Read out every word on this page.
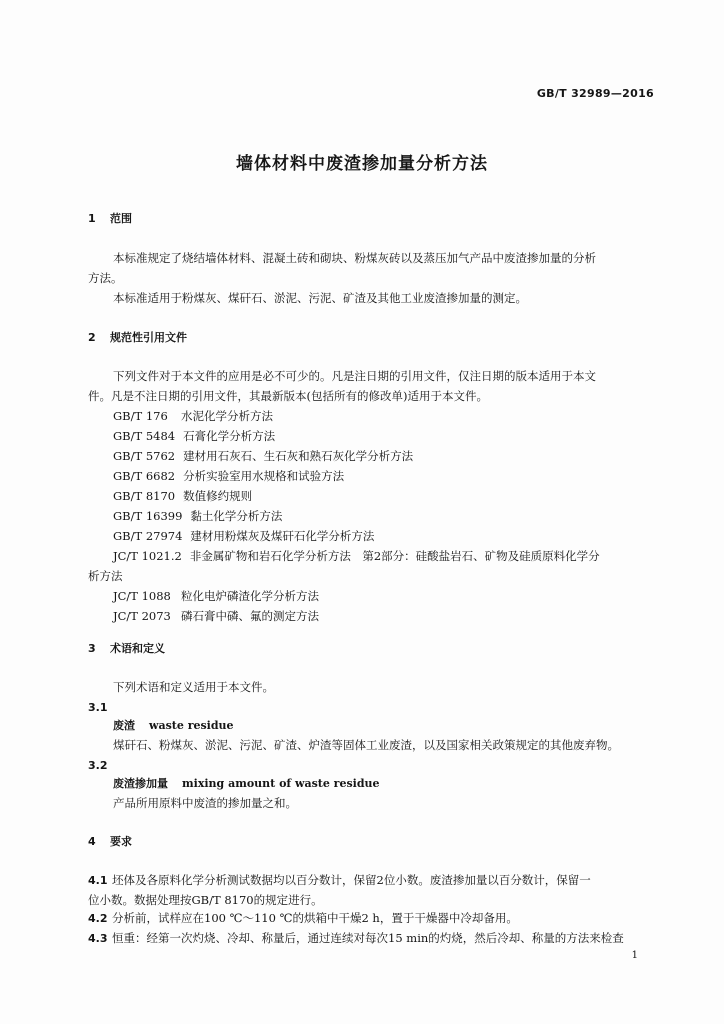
GB/T 32989—2016
墙体材料中废渣掺加量分析方法
1 范围
本标准规定了烧结墙体材料、混凝土砖和砌块、粉煤灰砖以及蒸压加气产品中废渣掺加量的分析
方法。
本标准适用于粉煤灰、煤矸石、淤泥、污泥、矿渣及其他工业废渣掺加量的测定。
2 规范性引用文件
下列文件对于本文件的应用是必不可少的。凡是注日期的引用文件，仅注日期的版本适用于本文
件。凡是不注日期的引用文件，其最新版本(包括所有的修改单)适用于本文件。
GB/T 176 水泥化学分析方法
GB/T 5484 石膏化学分析方法
GB/T 5762 建材用石灰石、生石灰和熟石灰化学分析方法
GB/T 6682 分析实验室用水规格和试验方法
GB/T 8170 数值修约规则
GB/T 16399 黏土化学分析方法
GB/T 27974 建材用粉煤灰及煤矸石化学分析方法
JC/T 1021.2 非金属矿物和岩石化学分析方法　第2部分：硅酸盐岩石、矿物及硅质原料化学分
析方法
JC/T 1088 粒化电炉磷渣化学分析方法
JC/T 2073 磷石膏中磷、氟的测定方法
3 术语和定义
下列术语和定义适用于本文件。
3.1
废渣 waste residue
煤矸石、粉煤灰、淤泥、污泥、矿渣、炉渣等固体工业废渣，以及国家相关政策规定的其他废弃物。
3.2
废渣掺加量 mixing amount of waste residue
产品所用原料中废渣的掺加量之和。
4 要求
4.1 坯体及各原料化学分析测试数据均以百分数计，保留2位小数。废渣掺加量以百分数计，保留一
位小数。数据处理按GB/T 8170的规定进行。
4.2 分析前，试样应在100 ℃～110 ℃的烘箱中干燥2 h，置于干燥器中冷却备用。
4.3 恒重：经第一次灼烧、冷却、称量后，通过连续对每次15 min的灼烧，然后冷却、称量的方法来检查
1
